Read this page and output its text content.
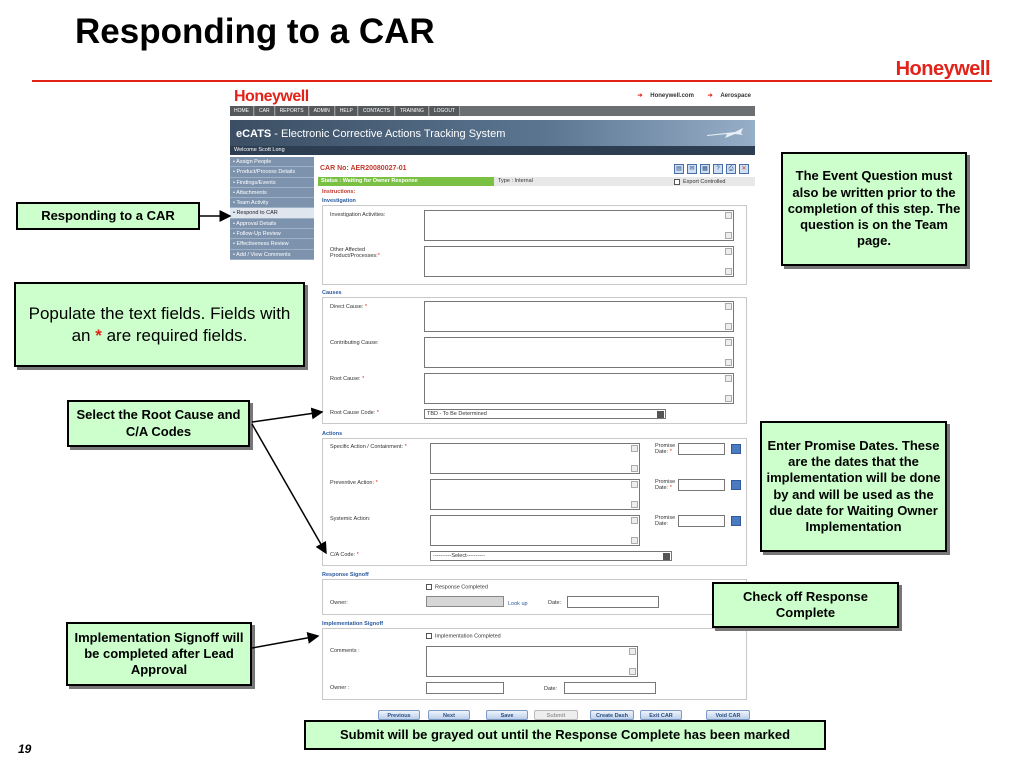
Responding to a CAR
Honeywell
19
Honeywell	➔ Honeywell.com ➔ Aerospace
HOME CAR REPORTS ADMIN HELP CONTACTS TRAINING LOGOUT
eCATS - Electronic Corrective Actions Tracking System
Welcome Scott Long
• Assign People
• Product/Process Details
• Findings/Events
• Attachments
• Team Activity
• Respond to CAR
• Approval Details
• Follow-Up Review
• Effectiveness Review
• Add / View Comments
CAR No: AER20080027-01	▤ ✉ ▦ ? ⎙ ✕
Status : Waiting for Owner Response	Type : Internal	Export Controlled
Instructions:
Investigation
Investigation Activities:
Other Affected
Product/Processes:*
Causes
Direct Cause: *
Contributing Cause:
Root Cause: *
Root Cause Code: *	TBD - To Be Determined
Actions
Specific Action / Containment: *	Promise
Date: *
Preventive Action: *	Promise
Date: *
Systemic Action:	Promise
Date:
C/A Code: *	----------Select----------
Response Signoff
Response Completed
Owner:	Look up	Date:
Implementation Signoff
Implementation Completed
Comments :
Owner :	Date:
Previous	Next	Save	Submit	Create Dash	Exit CAR	Void CAR
Responding to a CAR
Populate the text fields. Fields with an * are required fields.
Select the Root Cause and C/A Codes
Implementation Signoff will be completed after Lead Approval
The Event Question must also be written prior to the completion of this step. The question is on the Team page.
Enter Promise Dates. These are the dates that the implementation will be done by and will be used as the due date for Waiting Owner Implementation
Check off Response Complete
Submit will be grayed out until the Response Complete has been marked
